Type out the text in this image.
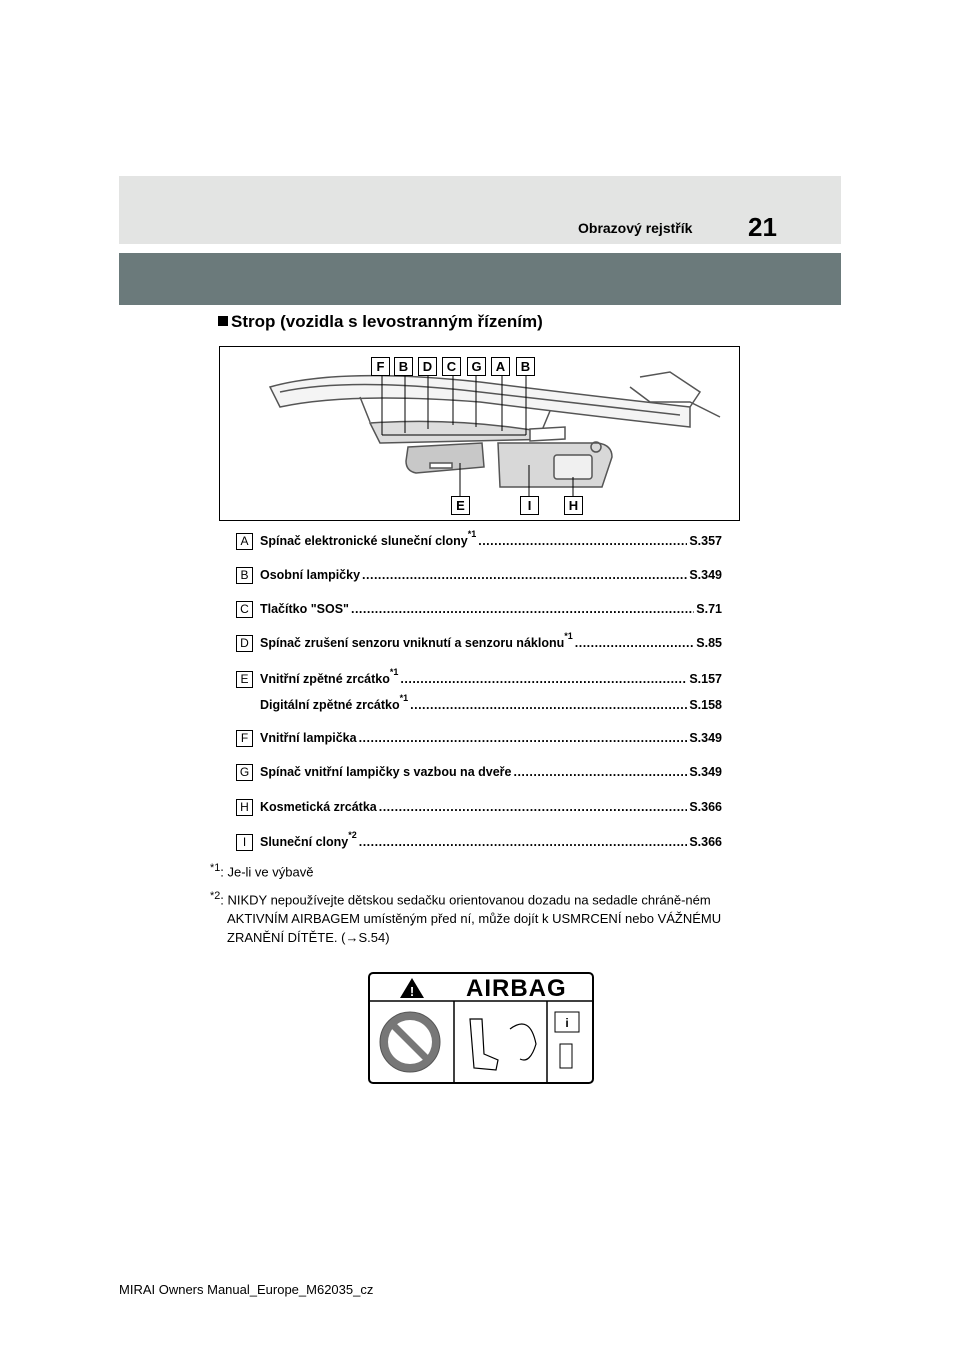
Obrazový rejstřík 21
Strop (vozidla s levostranným řízením)
F	B	D	C	G	A	B
E	I	H
A Spínač elektronické sluneční clony *1 .....	S.357
B Osobní lampičky .....	S.349
C Tlačítko "SOS" .....	S.71
D Spínač zrušení senzoru vniknutí a senzoru náklonu *1 .....	S.85
E Vnitřní zpětné zrcátko *1 .....	S.157
Digitální zpětné zrcátko *1 .....	S.158
F Vnitřní lampička .....	S.349
G Spínač vnitřní lampičky s vazbou na dveře .....	S.349
H Kosmetická zrcátka .....	S.366
I	Sluneční clony *2 .....	S.366
$^{*1}$: Je-li ve výbavě
$^{*2}$: NIKDY nepoužívejte dětskou sedačku orientovanou dozadu na sedadle chráně-ném AKTIVNÍM AIRBAGEM umístěným před ní, může dojít k USMRCENÍ nebo VÁŽNÉMU ZRANĚNÍ DÍTĚTE. (→S.54)
!
i
AIRBAG
MIRAI Owners Manual_Europe_M62035_cz
